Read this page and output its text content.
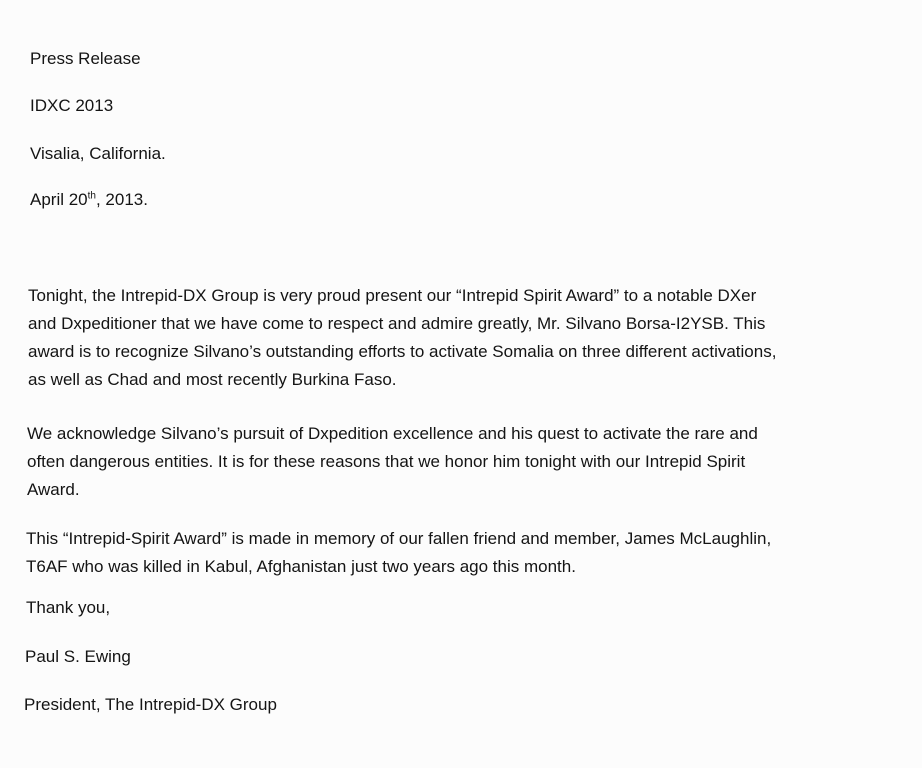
Press Release

IDXC 2013

Visalia, California.

April 20th, 2013.

Tonight, the Intrepid-DX Group is very proud present our “Intrepid Spirit Award” to a notable DXer
and Dxpeditioner that we have come to respect and admire greatly, Mr. Silvano Borsa-I2YSB. This
award is to recognize Silvano’s outstanding efforts to activate Somalia on three different activations,
as well as Chad and most recently Burkina Faso.
We acknowledge Silvano’s pursuit of Dxpedition excellence and his quest to activate the rare and
often dangerous entities. It is for these reasons that we honor him tonight with our Intrepid Spirit
Award.
This “Intrepid-Spirit Award” is made in memory of our fallen friend and member, James McLaughlin,
T6AF who was killed in Kabul, Afghanistan just two years ago this month.

Thank you,

Paul S. Ewing

President, The Intrepid-DX Group
